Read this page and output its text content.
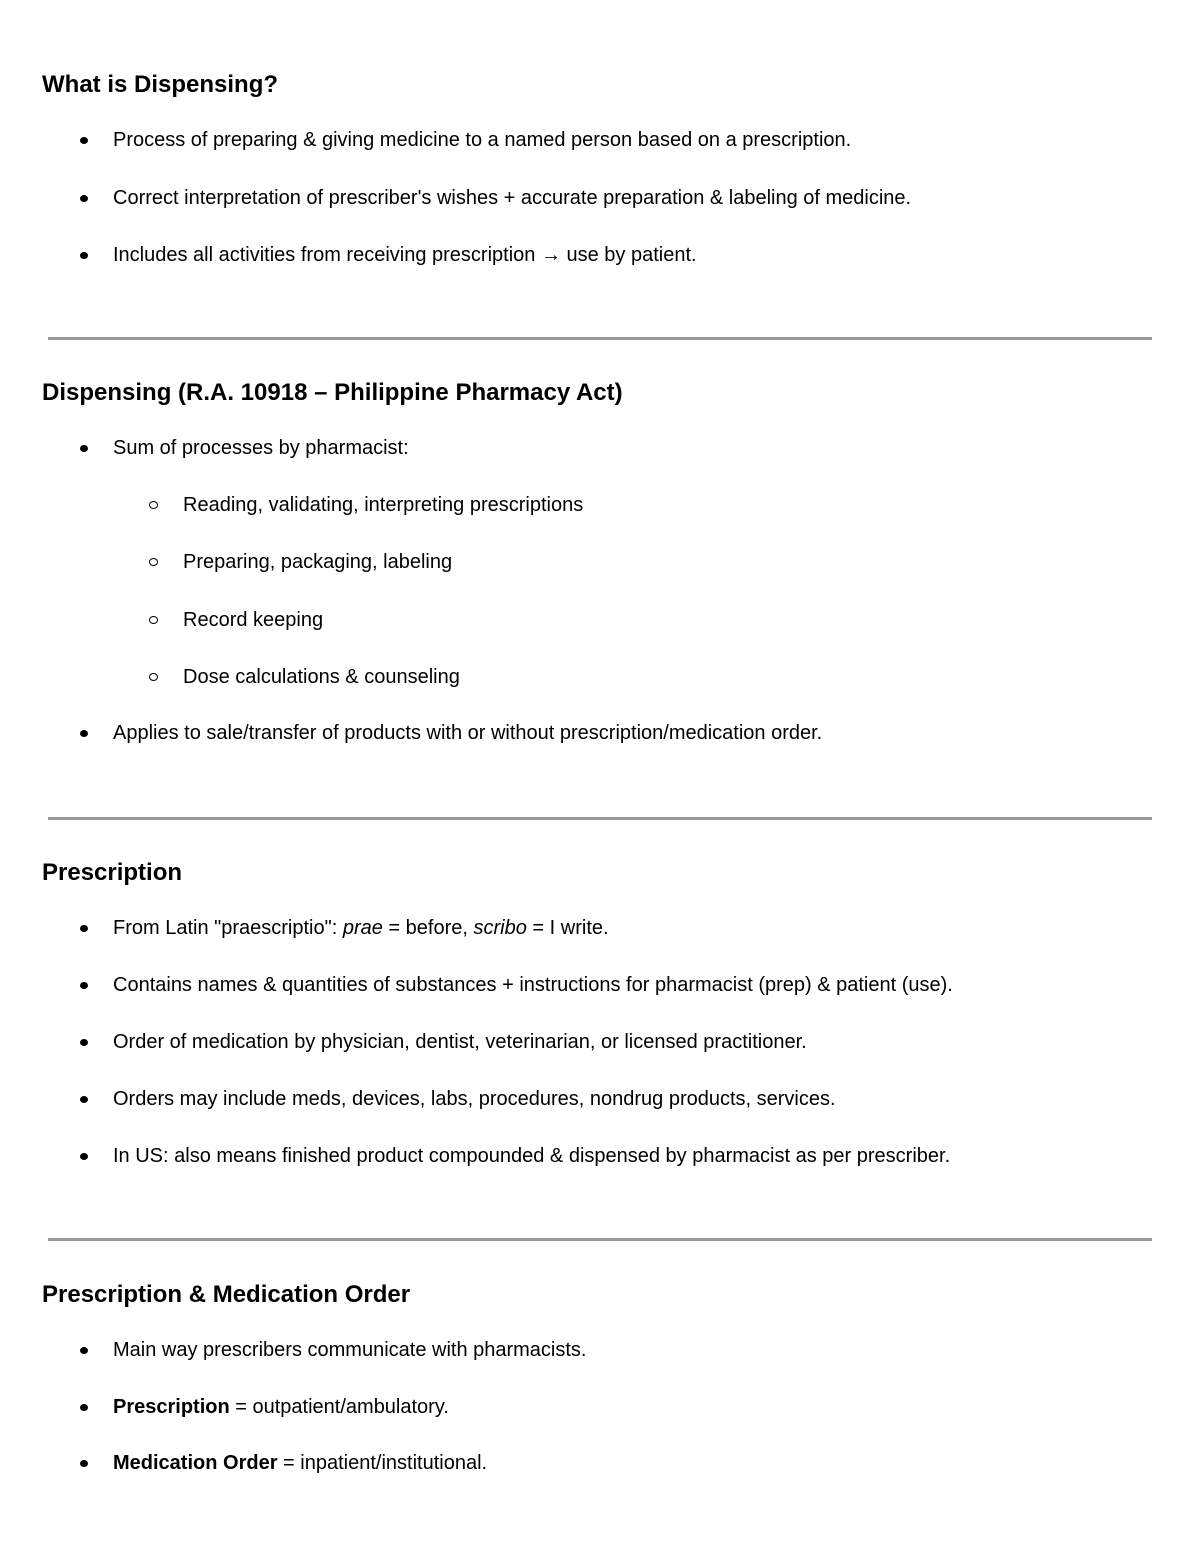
What is Dispensing?
Process of preparing & giving medicine to a named person based on a prescription.
Correct interpretation of prescriber's wishes + accurate preparation & labeling of medicine.
Includes all activities from receiving prescription → use by patient.
Dispensing (R.A. 10918 – Philippine Pharmacy Act)
Sum of processes by pharmacist:
Reading, validating, interpreting prescriptions
Preparing, packaging, labeling
Record keeping
Dose calculations & counseling
Applies to sale/transfer of products with or without prescription/medication order.
Prescription
From Latin "praescriptio": prae = before, scribo = I write.
Contains names & quantities of substances + instructions for pharmacist (prep) & patient (use).
Order of medication by physician, dentist, veterinarian, or licensed practitioner.
Orders may include meds, devices, labs, procedures, nondrug products, services.
In US: also means finished product compounded & dispensed by pharmacist as per prescriber.
Prescription & Medication Order
Main way prescribers communicate with pharmacists.
Prescription = outpatient/ambulatory.
Medication Order = inpatient/institutional.
